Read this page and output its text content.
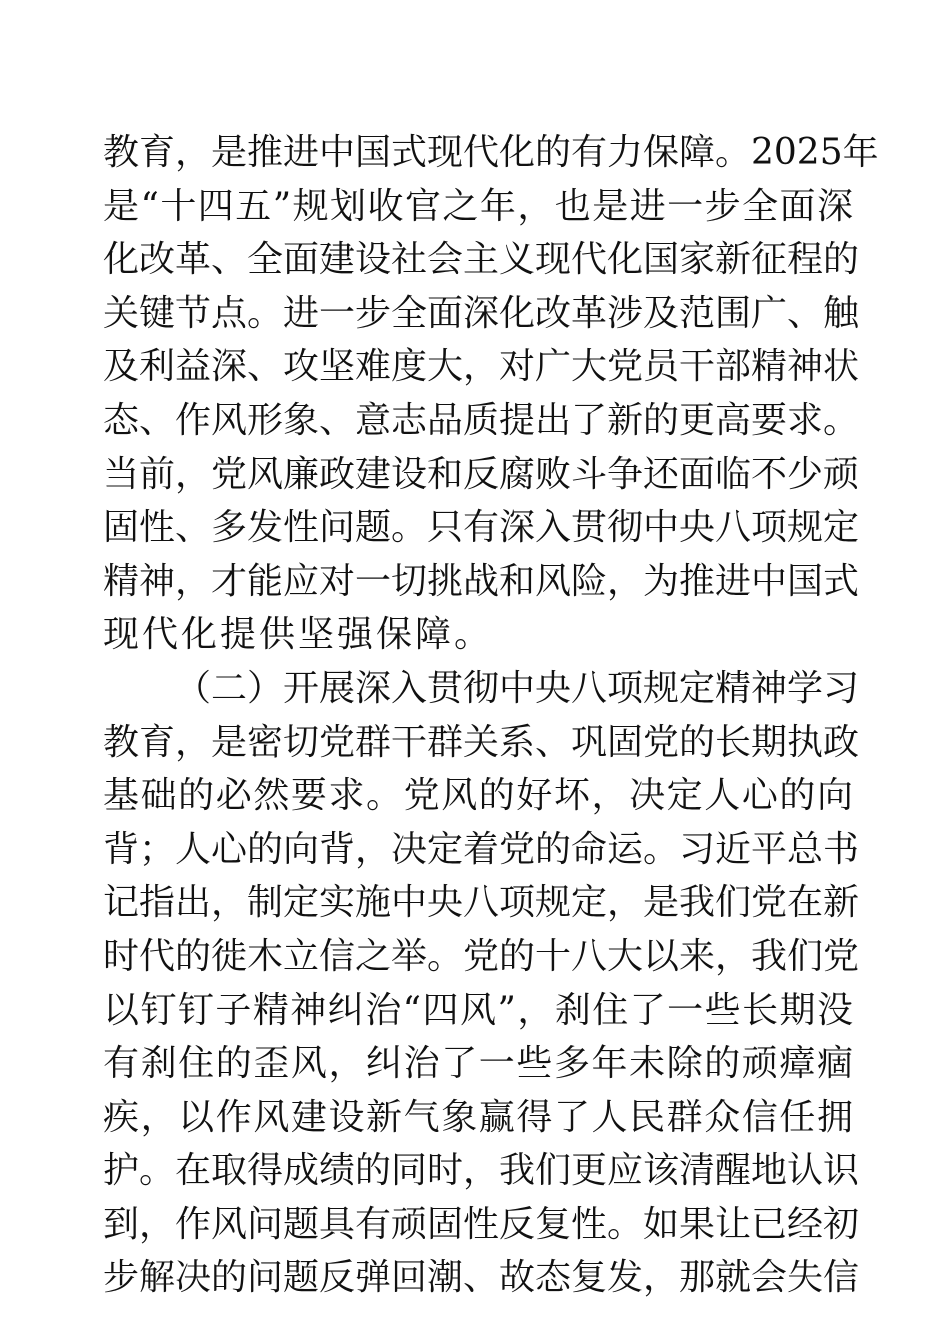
教育，是推进中国式现代化的有力保障。2025年
是“十四五”规划收官之年，也是进一步全面深
化改革、全面建设社会主义现代化国家新征程的
关键节点。进一步全面深化改革涉及范围广、触
及利益深、攻坚难度大，对广大党员干部精神状
态、作风形象、意志品质提出了新的更高要求。
当前，党风廉政建设和反腐败斗争还面临不少顽
固性、多发性问题。只有深入贯彻中央八项规定
精神，才能应对一切挑战和风险，为推进中国式
现代化提供坚强保障。
（二）开展深入贯彻中央八项规定精神学习
教育，是密切党群干群关系、巩固党的长期执政
基础的必然要求。党风的好坏，决定人心的向
背；人心的向背，决定着党的命运。习近平总书
记指出，制定实施中央八项规定，是我们党在新
时代的徙木立信之举。党的十八大以来，我们党
以钉钉子精神纠治“四风”，刹住了一些长期没
有刹住的歪风，纠治了一些多年未除的顽瘴痼
疾，以作风建设新气象赢得了人民群众信任拥
护。在取得成绩的同时，我们更应该清醒地认识
到，作风问题具有顽固性反复性。如果让已经初
步解决的问题反弹回潮、故态复发，那就会失信
